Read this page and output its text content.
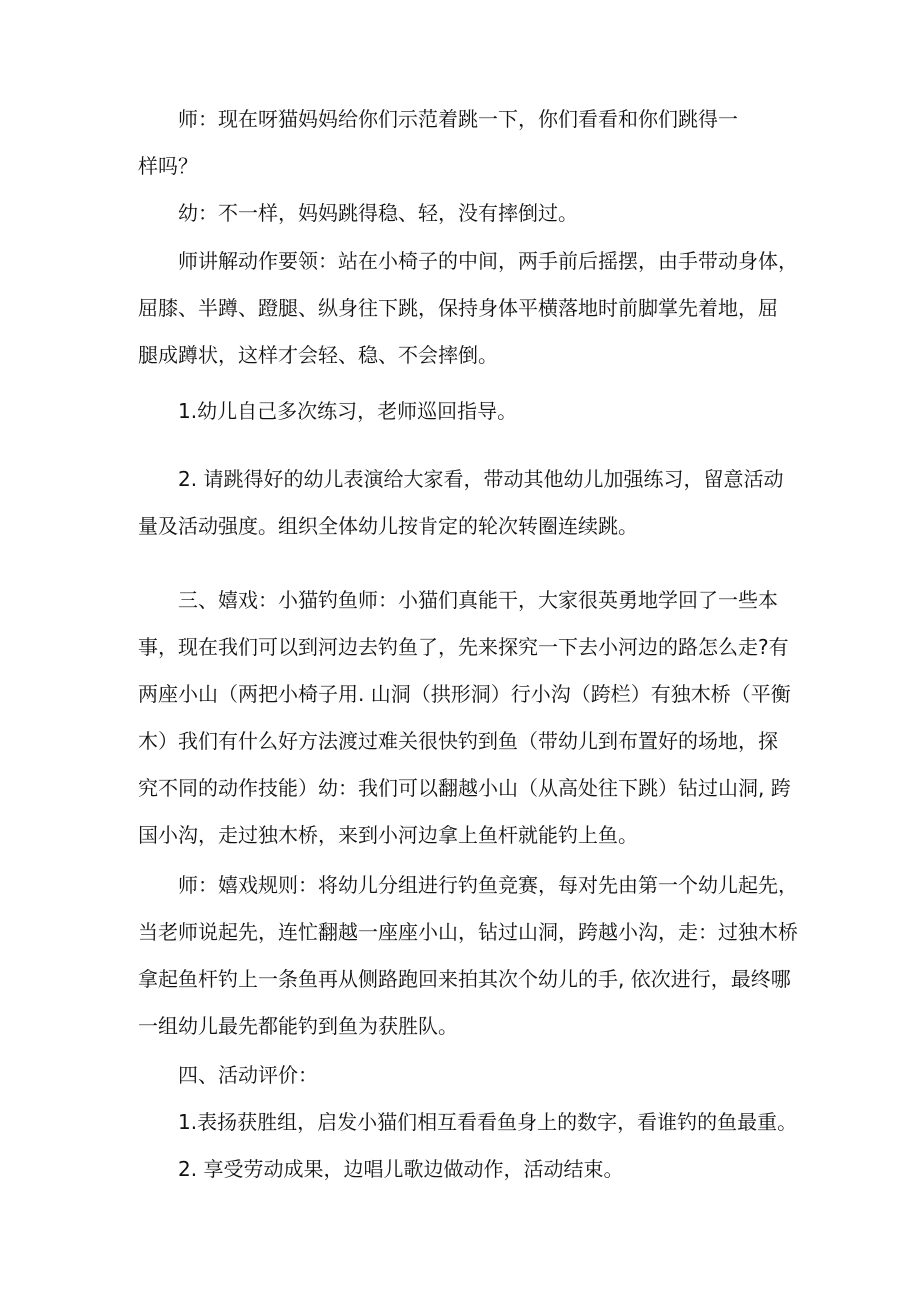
师：现在呀猫妈妈给你们示范着跳一下，你们看看和你们跳得一
样吗？

幼：不一样，妈妈跳得稳、轻，没有摔倒过。

师讲解动作要领：站在小椅子的中间，两手前后摇摆，由手带动身体，
屈膝、半蹲、蹬腿、纵身往下跳，保持身体平横落地时前脚掌先着地，屈
腿成蹲状，这样才会轻、稳、不会摔倒。

1.幼儿自己多次练习，老师巡回指导。

2. 请跳得好的幼儿表演给大家看，带动其他幼儿加强练习，留意活动
量及活动强度。组织全体幼儿按肯定的轮次转圈连续跳。

三、嬉戏：小猫钓鱼师：小猫们真能干，大家很英勇地学回了一些本
事，现在我们可以到河边去钓鱼了，先来探究一下去小河边的路怎么走?有
两座小山（两把小椅子用. 山洞（拱形洞）行小沟（跨栏）有独木桥（平衡
木）我们有什么好方法渡过难关很快钓到鱼（带幼儿到布置好的场地，探
究不同的动作技能）幼：我们可以翻越小山（从高处往下跳）钻过山洞, 跨
国小沟，走过独木桥，来到小河边拿上鱼杆就能钓上鱼。

师：嬉戏规则：将幼儿分组进行钓鱼竞赛，每对先由第一个幼儿起先，
当老师说起先，连忙翻越一座座小山，钻过山洞，跨越小沟，走：过独木桥
拿起鱼杆钓上一条鱼再从侧路跑回来拍其次个幼儿的手, 依次进行，最终哪
一组幼儿最先都能钓到鱼为获胜队。

四、活动评价：

1.表扬获胜组，启发小猫们相互看看鱼身上的数字，看谁钓的鱼最重。

2. 享受劳动成果，边唱儿歌边做动作，活动结束。
